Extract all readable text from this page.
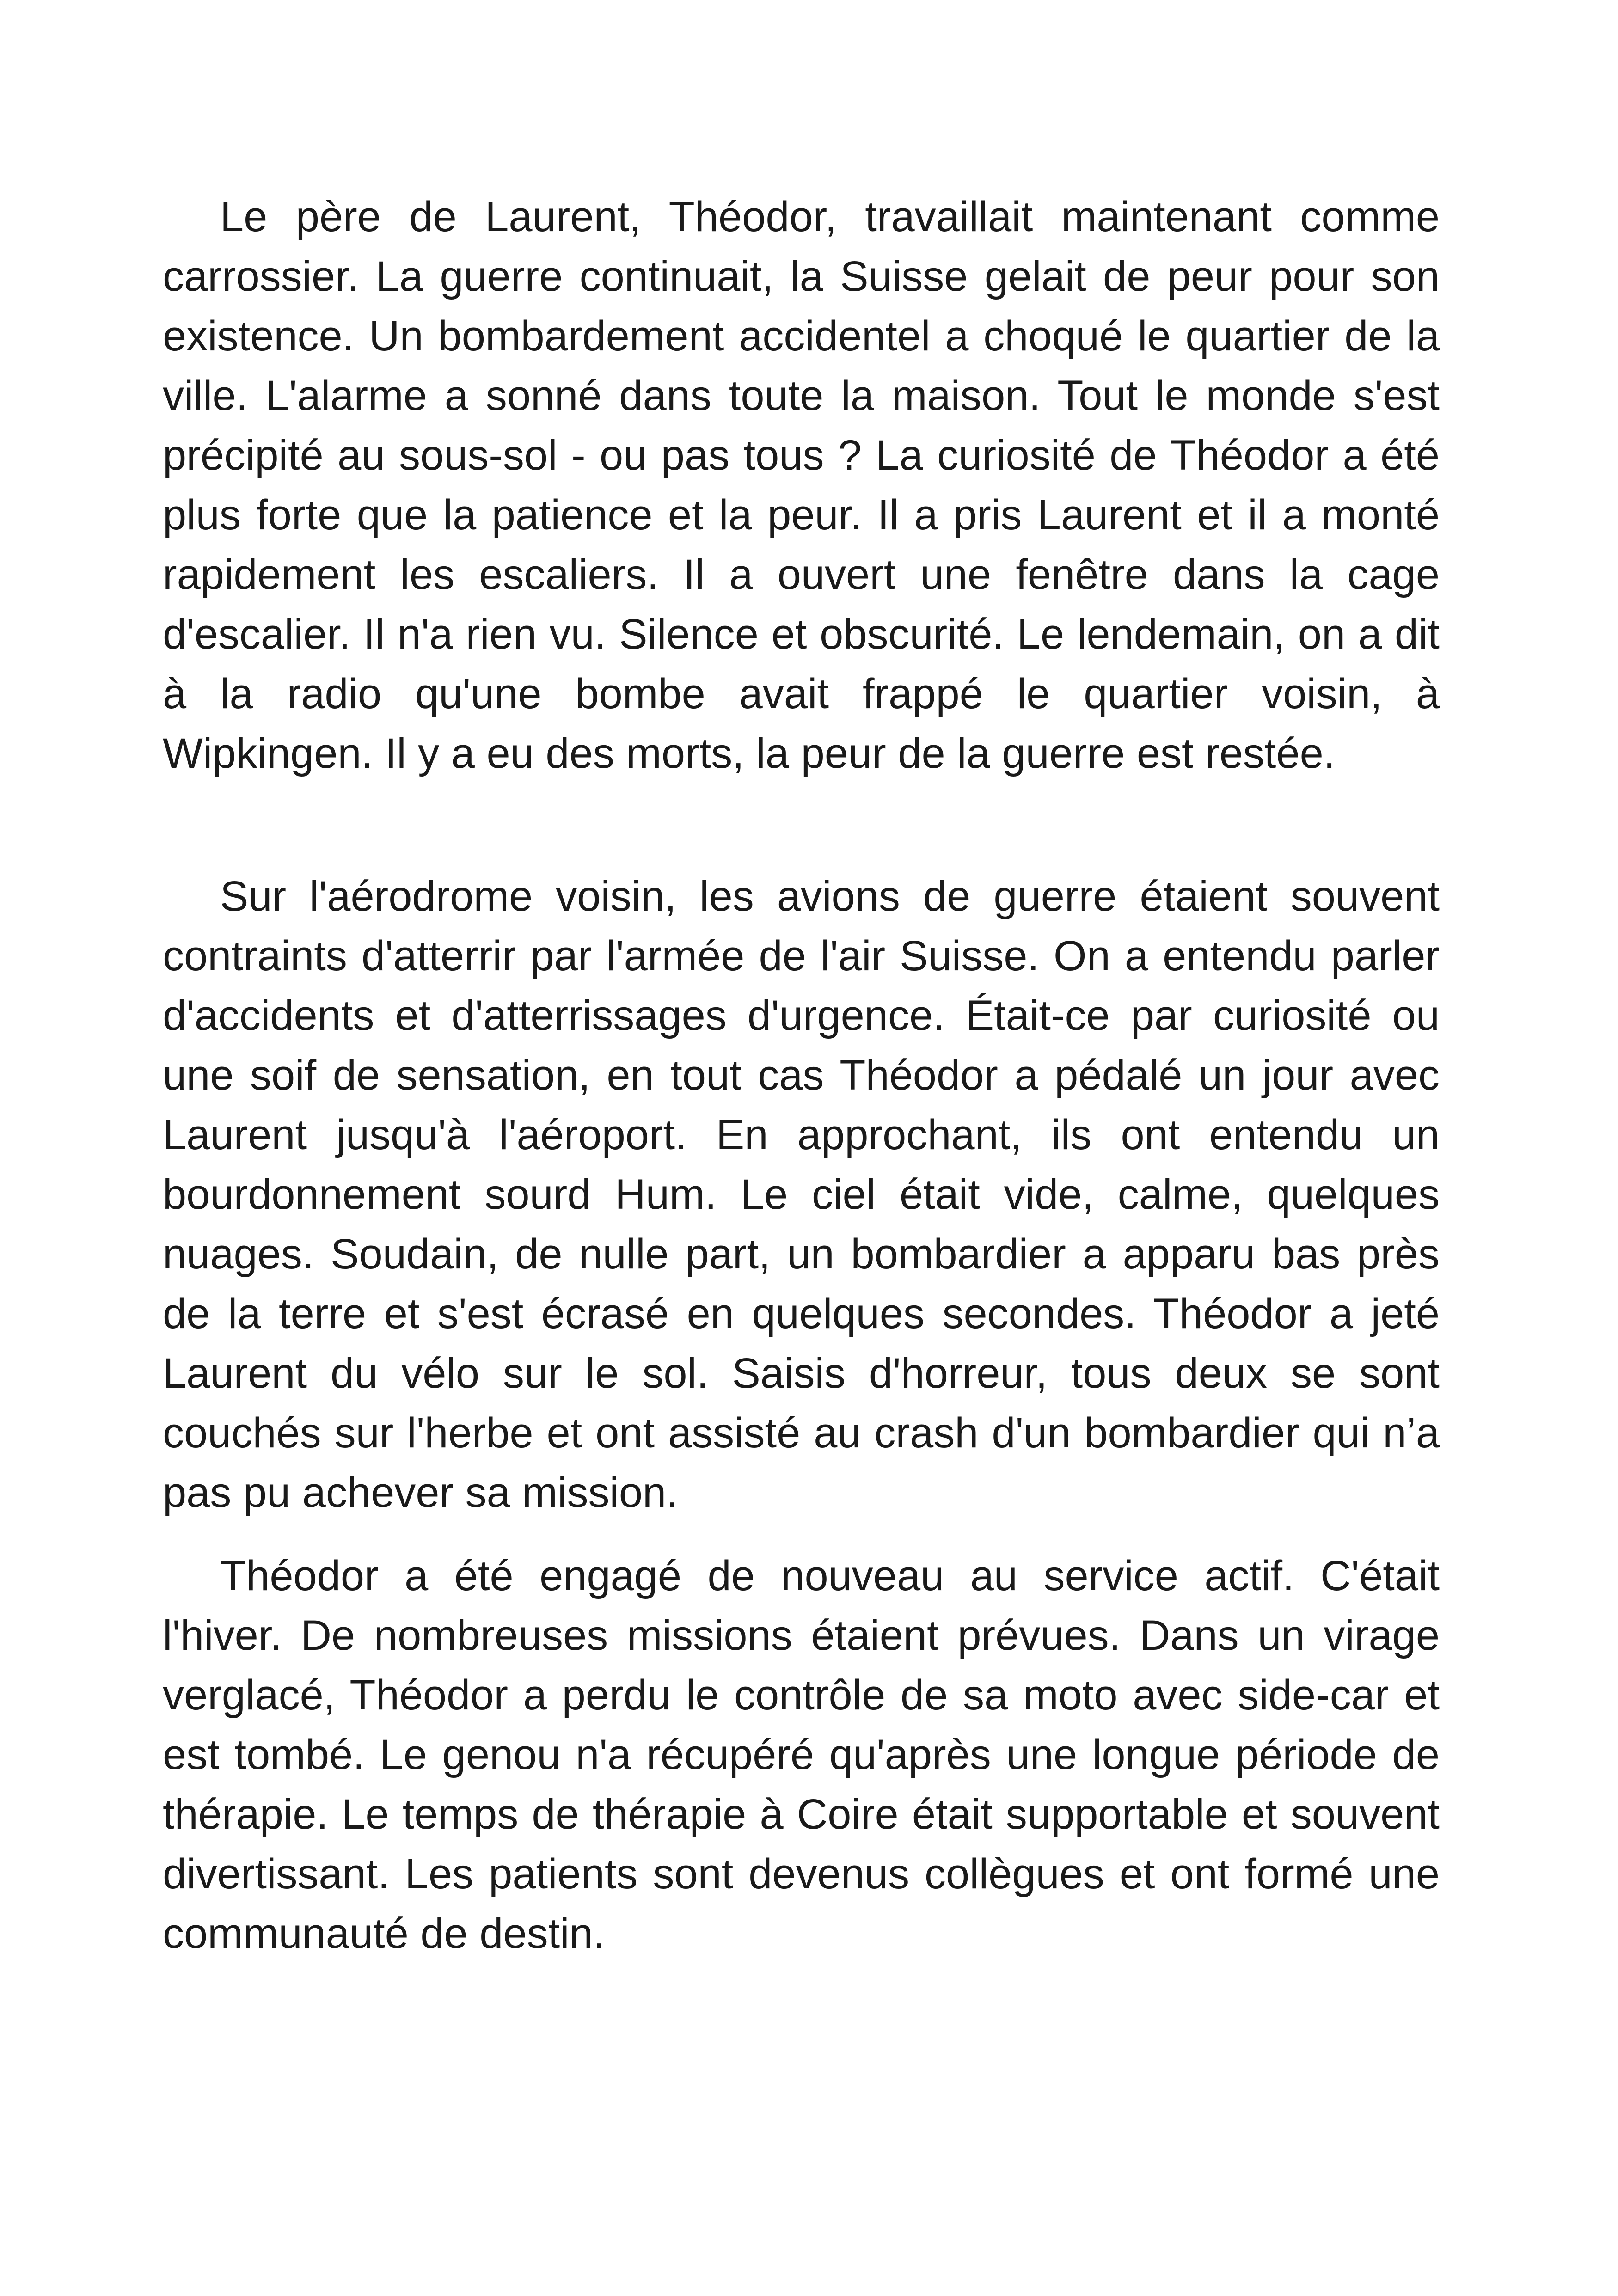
Le père de Laurent, Théodor, travaillait maintenant comme carrossier. La guerre continuait, la Suisse gelait de peur pour son existence. Un bombardement accidentel a choqué le quartier de la ville. L'alarme a sonné dans toute la maison. Tout le monde s'est précipité au sous-sol - ou pas tous ? La curiosité de Théodor a été plus forte que la patience et la peur. Il a pris Laurent et il a monté rapidement les escaliers. Il a ouvert une fenêtre dans la cage d'escalier. Il n'a rien vu. Silence et obscurité. Le lendemain, on a dit à la radio qu'une bombe avait frappé le quartier voisin, à Wipkingen. Il y a eu des morts, la peur de la guerre est restée.

Sur l'aérodrome voisin, les avions de guerre étaient souvent contraints d'atterrir par l'armée de l'air Suisse. On a entendu parler d'accidents et d'atterrissages d'urgence. Était-ce par curiosité ou une soif de sensation, en tout cas Théodor a pédalé un jour avec Laurent jusqu'à l'aéroport. En approchant, ils ont entendu un bourdonnement sourd Hum. Le ciel était vide, calme, quelques nuages. Soudain, de nulle part, un bombardier a apparu bas près de la terre et s'est écrasé en quelques secondes. Théodor a jeté Laurent du vélo sur le sol. Saisis d'horreur, tous deux se sont couchés sur l'herbe et ont assisté au crash d'un bombardier qui n’a pas pu achever sa mission.

Théodor a été engagé de nouveau au service actif. C'était l'hiver. De nombreuses missions étaient prévues. Dans un virage verglacé, Théodor a perdu le contrôle de sa moto avec side-car et est tombé. Le genou n'a récupéré qu'après une longue période de thérapie. Le temps de thérapie à Coire était supportable et souvent divertissant. Les patients sont devenus collègues et ont formé une communauté de destin.
